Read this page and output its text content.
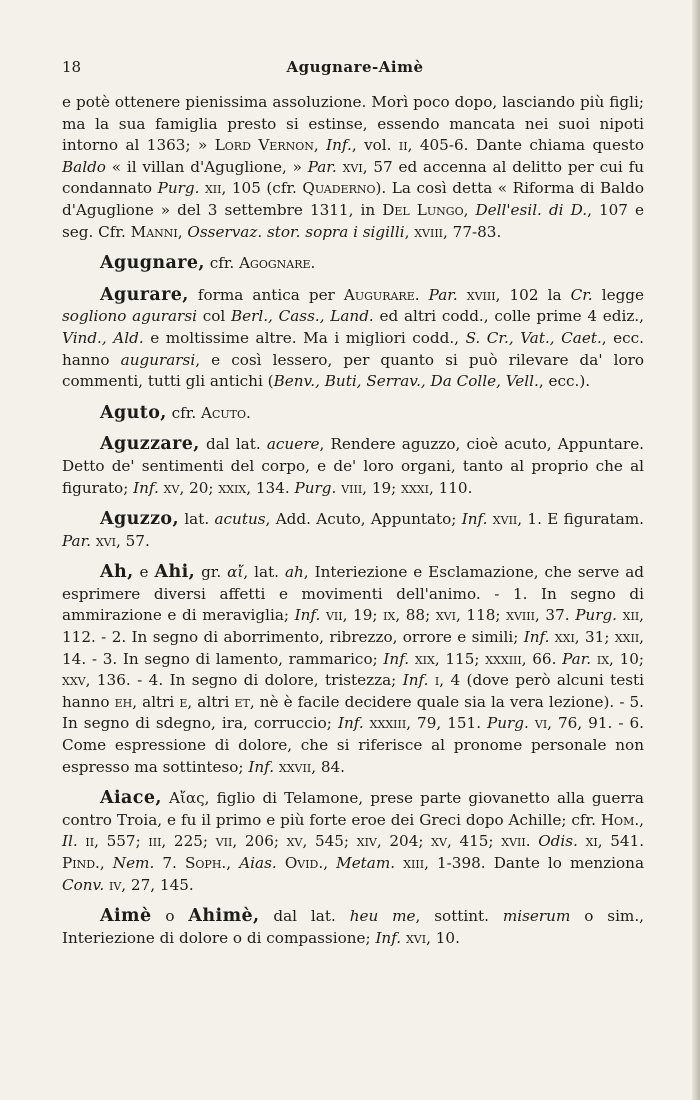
18	Agugnare-Aimè

e potè ottenere pienissima assoluzione. Morì poco dopo, lasciando più figli; ma la sua famiglia presto si estinse, essendo mancata nei suoi nipoti intorno al 1363; » Lord Vernon, Inf., vol. ii, 405-6. Dante chiama questo Baldo « il villan d'Aguglione, » Par. xvi, 57 ed accenna al delitto per cui fu condannato Purg. xii, 105 (cfr. Quaderno). La così detta « Riforma di Baldo d'Aguglione » del 3 settembre 1311, in Del Lungo, Dell'esil. di D., 107 e seg. Cfr. Manni, Osservaz. stor. sopra i sigilli, xviii, 77-83.

Agugnare, cfr. Agognare.

Agurare, forma antica per Augurare. Par. xviii, 102 la Cr. legge sogliono agurarsi col Berl., Cass., Land. ed altri codd., colle prime 4 ediz., Vind., Ald. e moltissime altre. Ma i migliori codd., S. Cr., Vat., Caet., ecc. hanno augurarsi, e così lessero, per quanto si può rilevare da' loro commenti, tutti gli antichi (Benv., Buti, Serrav., Da Colle, Vell., ecc.).

Aguto, cfr. Acuto.

Aguzzare, dal lat. acuere, Rendere aguzzo, cioè acuto, Appuntare. Detto de' sentimenti del corpo, e de' loro organi, tanto al proprio che al figurato; Inf. xv, 20; xxix, 134. Purg. viii, 19; xxxi, 110.

Aguzzo, lat. acutus, Add. Acuto, Appuntato; Inf. xvii, 1. E figuratam. Par. xvi, 57.

Ah, e Ahi, gr. αἴ, lat. ah, Interiezione e Esclamazione, che serve ad esprimere diversi affetti e movimenti dell'animo. - 1. In segno di ammirazione e di meraviglia; Inf. vii, 19; ix, 88; xvi, 118; xviii, 37. Purg. xii, 112. - 2. In segno di aborrimento, ribrezzo, orrore e simili; Inf. xxi, 31; xxii, 14. - 3. In segno di lamento, rammarico; Inf. xix, 115; xxxiii, 66. Par. ix, 10; xxv, 136. - 4. In segno di dolore, tristezza; Inf. i, 4 (dove però alcuni testi hanno eh, altri e, altri et, nè è facile decidere quale sia la vera lezione). - 5. In segno di sdegno, ira, corruccio; Inf. xxxiii, 79, 151. Purg. vi, 76, 91. - 6. Come espressione di dolore, che si riferisce al pronome personale non espresso ma sottinteso; Inf. xxvii, 84.

Aiace, Αἴας, figlio di Telamone, prese parte giovanetto alla guerra contro Troia, e fu il primo e più forte eroe dei Greci dopo Achille; cfr. Hom., Il. ii, 557; iii, 225; vii, 206; xv, 545; xiv, 204; xv, 415; xvii. Odis. xi, 541. Pind., Nem. 7. Soph., Aias. Ovid., Metam. xiii, 1-398. Dante lo menziona Conv. iv, 27, 145.

Aimè o Ahimè, dal lat. heu me, sottint. miserum o sim., Interiezione di dolore o di compassione; Inf. xvi, 10.
